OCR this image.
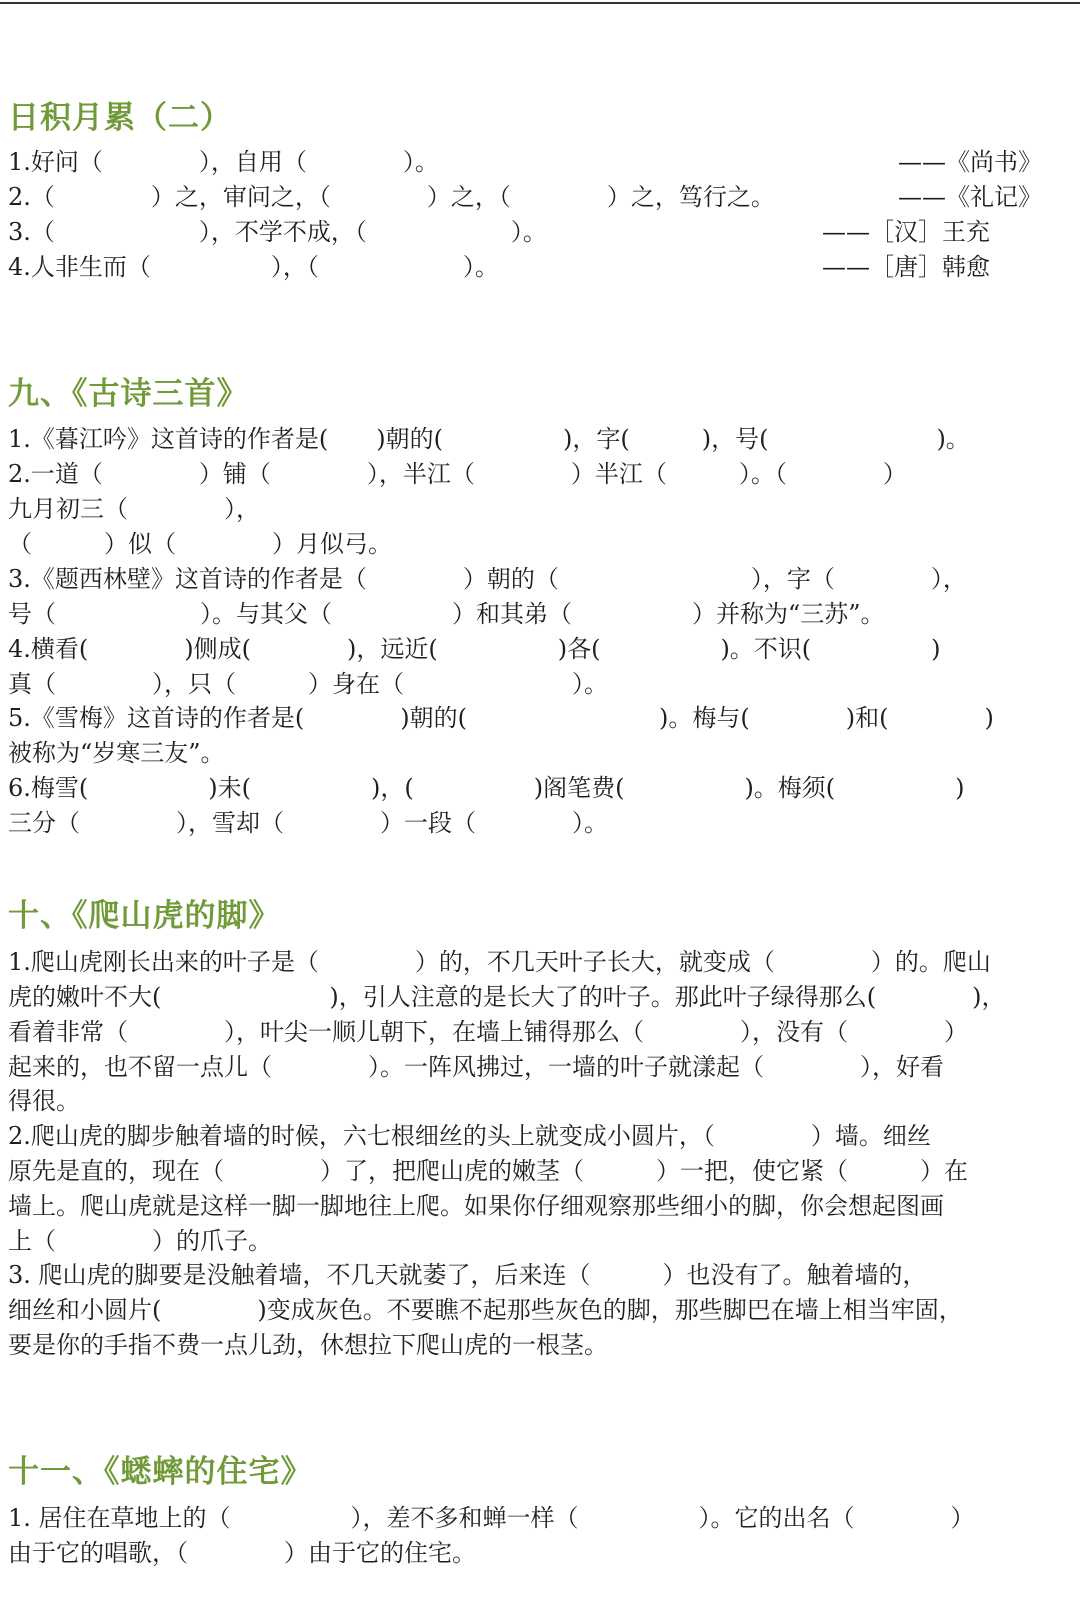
日积月累（二）
1.好问（　　　　），自用（　　　　）。
2.（　　　　）之，审问之，（　　　　）之，（　　　　）之，笃行之。
3.（　　　　　　），不学不成，（　　　　　　）。
4.人非生而（　　　　　），（　　　　　　）。
——《尚书》
——《礼记》
——［汉］王充
——［唐］韩愈
九、《古诗三首》
1.《暮江吟》这首诗的作者是(　　)朝的(　　　　　)，字(　　　)，号(　　　　　　　)。
2.一道（　　　　）铺（　　　　），半江（　　　　）半江（　　　）。（　　　　）
九月初三（　　　　），
（　　　）似（　　　　）月似弓。
3.《题西林壁》这首诗的作者是（　　　　）朝的（　　　　　　　　），字（　　　　），
号（　　　　　　）。与其父（　　　　　）和其弟（　　　　　）并称为“三苏”。
4.横看(　　　　)侧成(　　　　)，远近(　　　　　)各(　　　　　)。不识(　　　　　)
真（　　　　），只（　　　）身在（　　　　　　　）。
5.《雪梅》这首诗的作者是(　　　　)朝的(　　　　　　　　)。梅与(　　　　)和(　　　　)
被称为“岁寒三友”。
6.梅雪(　　　　　)未(　　　　　)，(　　　　　)阁笔费(　　　　　)。梅须(　　　　　)
三分（　　　　），雪却（　　　　）一段（　　　　）。
十、《爬山虎的脚》
1.爬山虎刚长出来的叶子是（　　　　）的，不几天叶子长大，就变成（　　　　）的。爬山
虎的嫩叶不大(　　　　　　　)，引人注意的是长大了的叶子。那此叶子绿得那么(　　　　)，
看着非常（　　　　），叶尖一顺儿朝下，在墙上铺得那么（　　　　），没有（　　　　）
起来的，也不留一点儿（　　　　）。一阵风拂过，一墙的叶子就漾起（　　　　），好看
得很。
2.爬山虎的脚步触着墙的时候，六七根细丝的头上就变成小圆片，（　　　　）墙。细丝
原先是直的，现在（　　　　）了，把爬山虎的嫩茎（　　　）一把，使它紧（　　　）在
墙上。爬山虎就是这样一脚一脚地往上爬。如果你仔细观察那些细小的脚，你会想起图画
上（　　　　）的爪子。
3. 爬山虎的脚要是没触着墙，不几天就萎了，后来连（　　　）也没有了。触着墙的，
细丝和小圆片(　　　　)变成灰色。不要瞧不起那些灰色的脚，那些脚巴在墙上相当牢固，
要是你的手指不费一点儿劲，休想拉下爬山虎的一根茎。
十一、《蟋蟀的住宅》
1. 居住在草地上的（　　　　　），差不多和蝉一样（　　　　　）。它的出名（　　　　）
由于它的唱歌，（　　　　）由于它的住宅。
